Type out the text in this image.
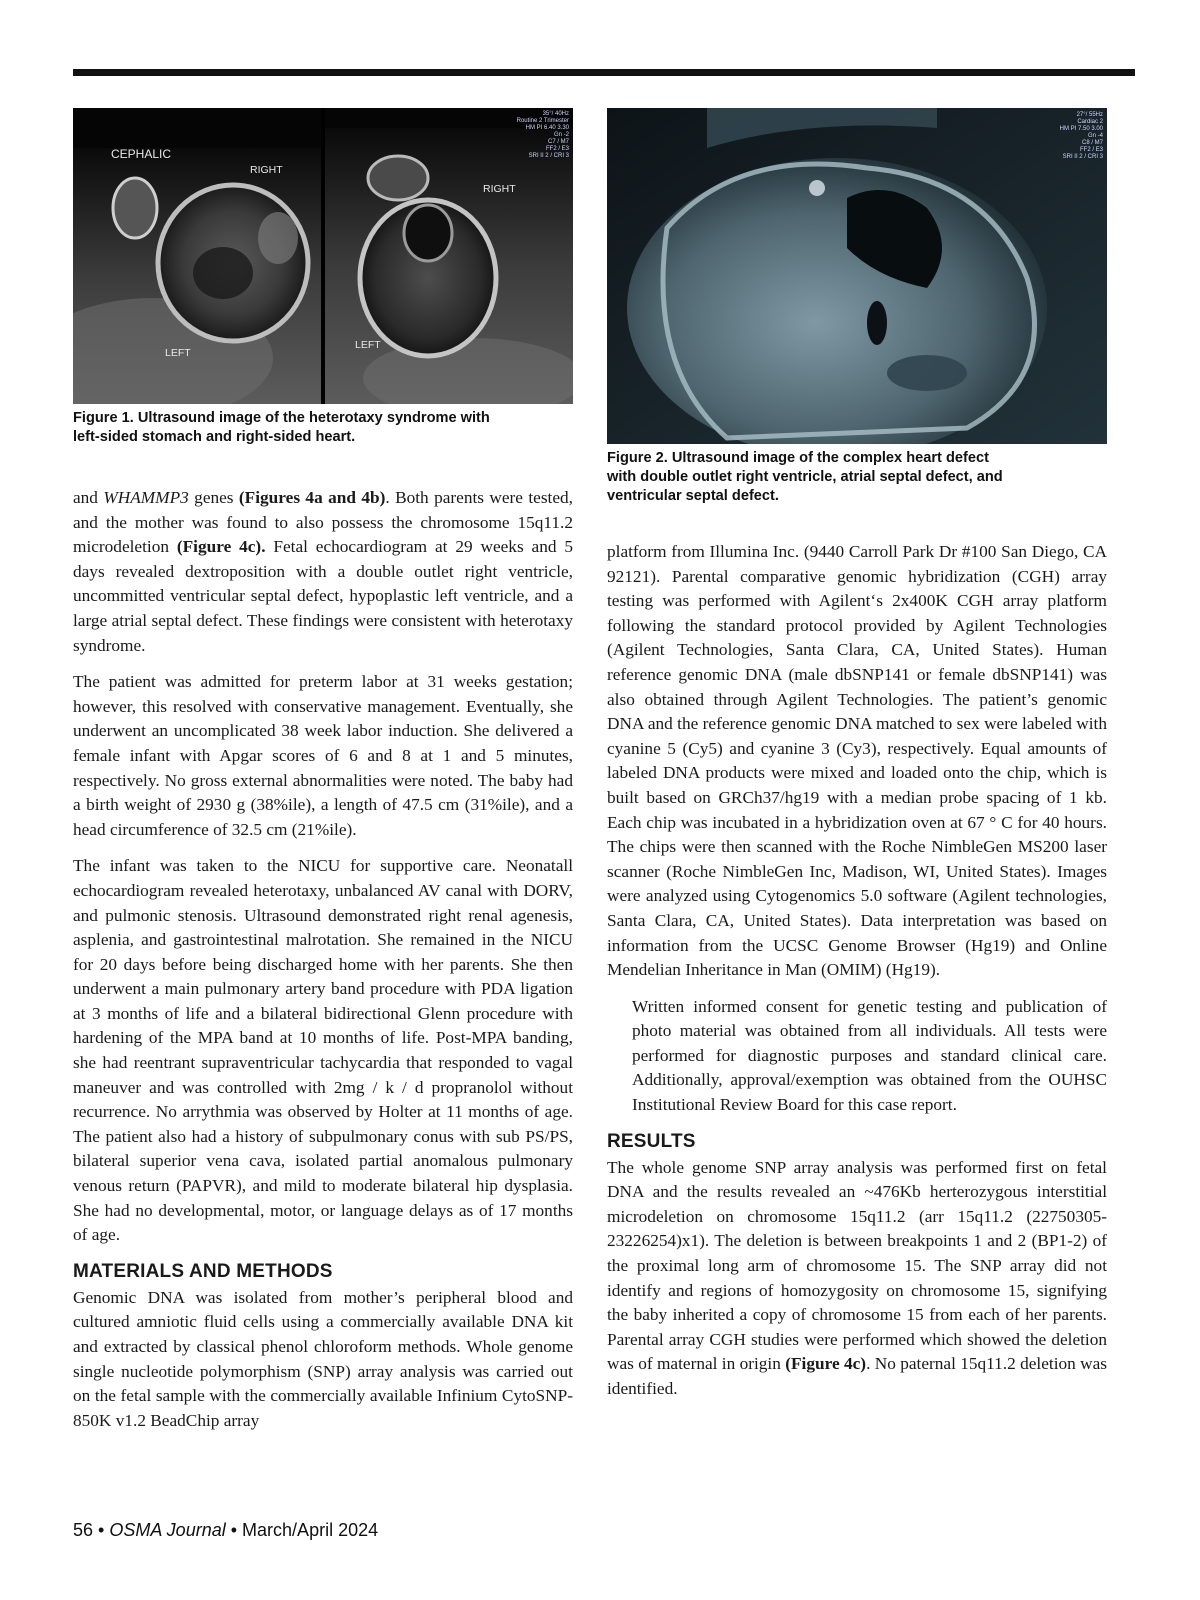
CEPHALIC
RIGHT
LEFT
RIGHT
LEFT
35°/ 40Hz
Routine 2 Trimester
HM PI 6.40 3.30
Gn -2
C7 / M7
FF2 / E3
SRI II 2 / CRI 3
Figure 1. Ultrasound image of the heterotaxy syndrome with
left-sided stomach and right-sided heart.
27°/ 55Hz
Cardiac 2
HM PI 7.50 3.00
Gn -4
C8 / M7
FF2 / E3
SRI II 2 / CRI 3
Figure 2. Ultrasound image of the complex heart defect
with double outlet right ventricle, atrial septal defect, and
ventricular septal defect.

and WHAMMP3 genes (Figures 4a and 4b). Both parents were tested, and the mother was found to also possess the chromosome 15q11.2 microdeletion (Figure 4c). Fetal echocardiogram at 29 weeks and 5 days revealed dextroposition with a double outlet right ventricle, uncommitted ventricular septal defect, hypoplastic left ventricle, and a large atrial septal defect. These findings were consistent with heterotaxy syndrome.

The patient was admitted for preterm labor at 31 weeks gestation; however, this resolved with conservative management. Eventually, she underwent an uncomplicated 38 week labor induction. She delivered a female infant with Apgar scores of 6 and 8 at 1 and 5 minutes, respectively. No gross external abnormalities were noted. The baby had a birth weight of 2930 g (38%ile), a length of 47.5 cm (31%ile), and a head circumference of 32.5 cm (21%ile).

The infant was taken to the NICU for supportive care. Neonatall echocardiogram revealed heterotaxy, unbalanced AV canal with DORV, and pulmonic stenosis. Ultrasound demonstrated right renal agenesis, asplenia, and gastrointestinal malrotation. She remained in the NICU for 20 days before being discharged home with her parents. She then underwent a main pulmonary artery band procedure with PDA ligation at 3 months of life and a bilateral bidirectional Glenn procedure with hardening of the MPA band at 10 months of life. Post-MPA banding, she had reentrant supraventricular tachycardia that responded to vagal maneuver and was controlled with 2mg / k / d propranolol without recurrence. No arrythmia was observed by Holter at 11 months of age. The patient also had a history of subpulmonary conus with sub PS/PS, bilateral superior vena cava, isolated partial anomalous pulmonary venous return (PAPVR), and mild to moderate bilateral hip dysplasia. She had no developmental, motor, or language delays as of 17 months of age.

MATERIALS AND METHODS

Genomic DNA was isolated from mother’s peripheral blood and cultured amniotic fluid cells using a commercially available DNA kit and extracted by classical phenol chloroform methods. Whole genome single nucleotide polymorphism (SNP) array analysis was carried out on the fetal sample with the commercially available Infinium CytoSNP-850K v1.2 BeadChip array

platform from Illumina Inc. (9440 Carroll Park Dr #100 San Diego, CA 92121). Parental comparative genomic hybridization (CGH) array testing was performed with Agilent‘s 2x400K CGH array platform following the standard protocol provided by Agilent Technologies (Agilent Technologies, Santa Clara, CA, United States). Human reference genomic DNA (male dbSNP141 or female dbSNP141) was also obtained through Agilent Technologies. The patient’s genomic DNA and the reference genomic DNA matched to sex were labeled with cyanine 5 (Cy5) and cyanine 3 (Cy3), respectively. Equal amounts of labeled DNA products were mixed and loaded onto the chip, which is built based on GRCh37/hg19 with a median probe spacing of 1 kb. Each chip was incubated in a hybridization oven at 67 ° C for 40 hours. The chips were then scanned with the Roche NimbleGen MS200 laser scanner (Roche NimbleGen Inc, Madison, WI, United States). Images were analyzed using Cytogenomics 5.0 software (Agilent technologies, Santa Clara, CA, United States). Data interpretation was based on information from the UCSC Genome Browser (Hg19) and Online Mendelian Inheritance in Man (OMIM) (Hg19).

Written informed consent for genetic testing and publication of photo material was obtained from all individuals. All tests were performed for diagnostic purposes and standard clinical care. Additionally, approval/exemption was obtained from the OUHSC Institutional Review Board for this case report.

RESULTS

The whole genome SNP array analysis was performed first on fetal DNA and the results revealed an ~476Kb herterozygous interstitial microdeletion on chromosome 15q11.2 (arr 15q11.2 (22750305-23226254)x1). The deletion is between breakpoints 1 and 2 (BP1-2) of the proximal long arm of chromosome 15. The SNP array did not identify and regions of homozygosity on chromosome 15, signifying the baby inherited a copy of chromosome 15 from each of her parents. Parental array CGH studies were performed which showed the deletion was of maternal in origin (Figure 4c). No paternal 15q11.2 deletion was identified.

56 • OSMA Journal • March/April 2024
